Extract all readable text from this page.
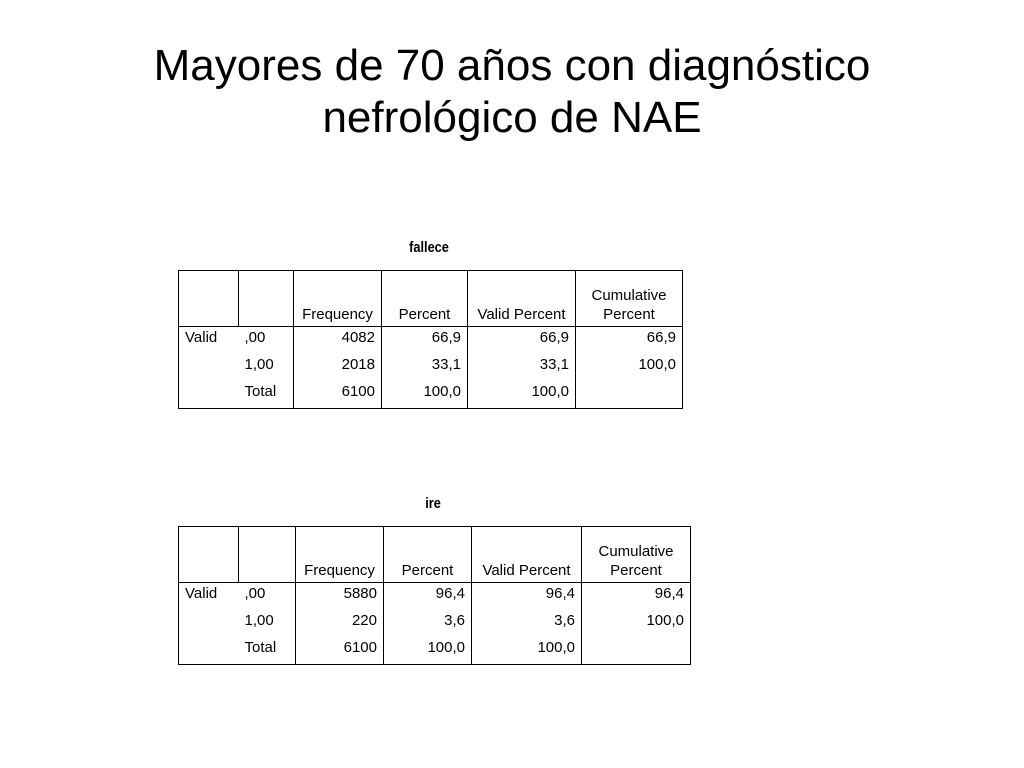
Mayores de 70 años con diagnóstico
nefrológico de NAE
fallece
		Frequency	Percent	Valid Percent	Cumulative
Percent

Valid	,00	4082	66,9	66,9	66,9
	1,00	2018	33,1	33,1	100,0
	Total	6100	100,0	100,0	
ire
		Frequency	Percent	Valid Percent	Cumulative
Percent

Valid	,00	5880	96,4	96,4	96,4
	1,00	220	3,6	3,6	100,0
	Total	6100	100,0	100,0	
